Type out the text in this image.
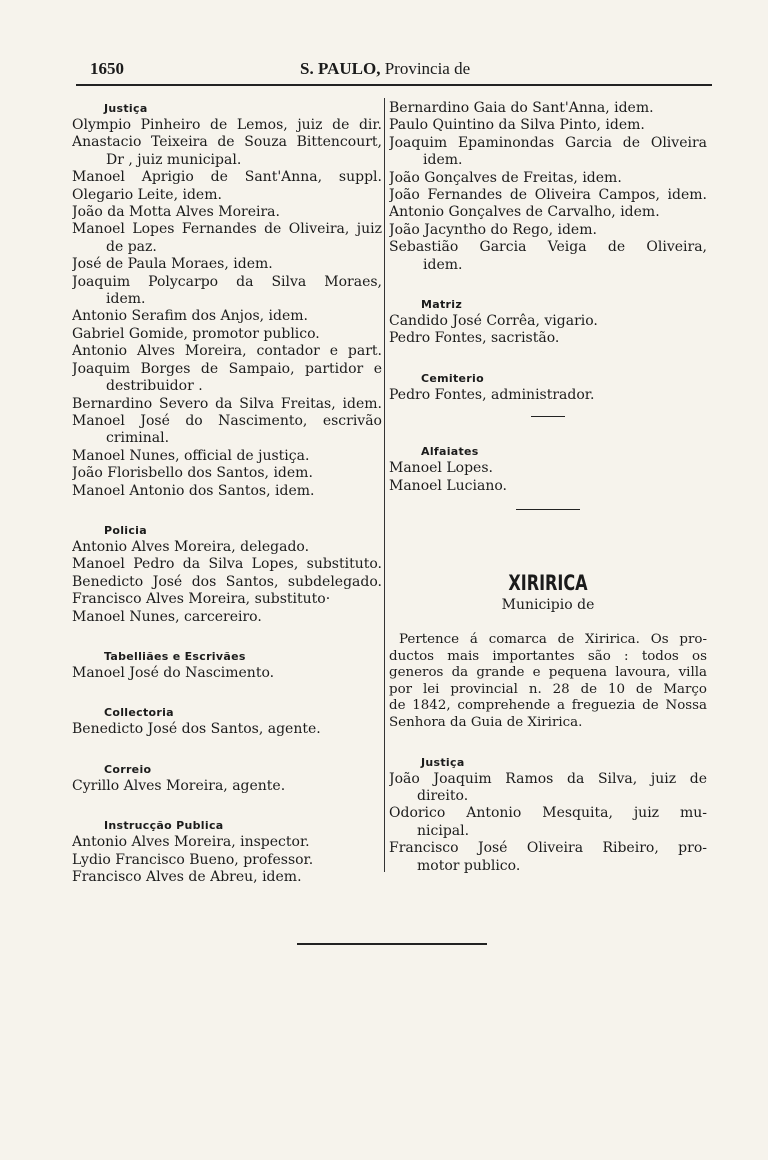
1650	S. PAULO, Provincia de
Justiça
Olympio Pinheiro de Lemos, juiz de dir.
Anastacio Teixeira de Souza Bittencourt,
Dr , juiz municipal.
Manoel Aprigio de Sant'Anna, suppl.
Olegario Leite, idem.
João da Motta Alves Moreira.
Manoel Lopes Fernandes de Oliveira, juiz
de paz.
José de Paula Moraes, idem.
Joaquim Polycarpo da Silva Moraes,
idem.
Antonio Serafim dos Anjos, idem.
Gabriel Gomide, promotor publico.
Antonio Alves Moreira, contador e part.
Joaquim Borges de Sampaio, partidor e
destribuidor .
Bernardino Severo da Silva Freitas, idem.
Manoel José do Nascimento, escrivão
criminal.
Manoel Nunes, official de justiça.
João Florisbello dos Santos, idem.
Manoel Antonio dos Santos, idem.
Policia
Antonio Alves Moreira, delegado.
Manoel Pedro da Silva Lopes, substituto.
Benedicto José dos Santos, subdelegado.
Francisco Alves Moreira, substituto·
Manoel Nunes, carcereiro.
Tabelliães e Escrivães
Manoel José do Nascimento.
Collectoria
Benedicto José dos Santos, agente.
Correio
Cyrillo Alves Moreira, agente.
Instrucção Publica
Antonio Alves Moreira, inspector.
Lydio Francisco Bueno, professor.
Francisco Alves de Abreu, idem.
Bernardino Gaia do Sant'Anna, idem.
Paulo Quintino da Silva Pinto, idem.
Joaquim Epaminondas Garcia de Oliveira
idem.
João Gonçalves de Freitas, idem.
João Fernandes de Oliveira Campos, idem.
Antonio Gonçalves de Carvalho, idem.
João Jacyntho do Rego, idem.
Sebastião Garcia Veiga de Oliveira,
idem.
Matriz
Candido José Corrêa, vigario.
Pedro Fontes, sacristão.
Cemiterio
Pedro Fontes, administrador.
Alfaiates
Manoel Lopes.
Manoel Luciano.
XIRIRICA
Municipio de
Pertence á comarca de Xiririca. Os pro-
ductos mais importantes são : todos os
generos da grande e pequena lavoura, villa
por lei provincial n. 28 de 10 de Março
de 1842, comprehende a freguezia de Nossa
Senhora da Guia de Xiririca.
Justiça
João Joaquim Ramos da Silva, juiz de
direito.
Odorico Antonio Mesquita, juiz mu-
nicipal.
Francisco José Oliveira Ribeiro, pro-
motor publico.
